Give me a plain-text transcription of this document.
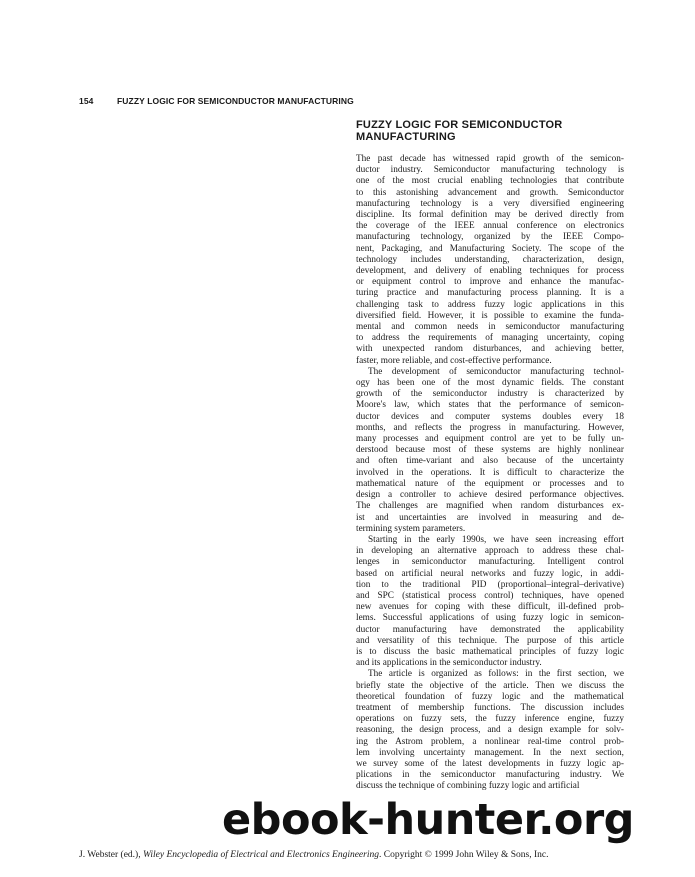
154	FUZZY LOGIC FOR SEMICONDUCTOR MANUFACTURING
FUZZY LOGIC FOR SEMICONDUCTOR
MANUFACTURING

The past decade has witnessed rapid growth of the semicon-
ductor industry. Semiconductor manufacturing technology is
one of the most crucial enabling technologies that contribute
to this astonishing advancement and growth. Semiconductor
manufacturing technology is a very diversified engineering
discipline. Its formal definition may be derived directly from
the coverage of the IEEE annual conference on electronics
manufacturing technology, organized by the IEEE Compo-
nent, Packaging, and Manufacturing Society. The scope of the
technology includes understanding, characterization, design,
development, and delivery of enabling techniques for process
or equipment control to improve and enhance the manufac-
turing practice and manufacturing process planning. It is a
challenging task to address fuzzy logic applications in this
diversified field. However, it is possible to examine the funda-
mental and common needs in semiconductor manufacturing
to address the requirements of managing uncertainty, coping
with unexpected random disturbances, and achieving better,
faster, more reliable, and cost-effective performance.

The development of semiconductor manufacturing technol-
ogy has been one of the most dynamic fields. The constant
growth of the semiconductor industry is characterized by
Moore's law, which states that the performance of semicon-
ductor devices and computer systems doubles every 18
months, and reflects the progress in manufacturing. However,
many processes and equipment control are yet to be fully un-
derstood because most of these systems are highly nonlinear
and often time-variant and also because of the uncertainty
involved in the operations. It is difficult to characterize the
mathematical nature of the equipment or processes and to
design a controller to achieve desired performance objectives.
The challenges are magnified when random disturbances ex-
ist and uncertainties are involved in measuring and de-
termining system parameters.

Starting in the early 1990s, we have seen increasing effort
in developing an alternative approach to address these chal-
lenges in semiconductor manufacturing. Intelligent control
based on artificial neural networks and fuzzy logic, in addi-
tion to the traditional PID (proportional–integral–derivative)
and SPC (statistical process control) techniques, have opened
new avenues for coping with these difficult, ill-defined prob-
lems. Successful applications of using fuzzy logic in semicon-
ductor manufacturing have demonstrated the applicability
and versatility of this technique. The purpose of this article
is to discuss the basic mathematical principles of fuzzy logic
and its applications in the semiconductor industry.

The article is organized as follows: in the first section, we
briefly state the objective of the article. Then we discuss the
theoretical foundation of fuzzy logic and the mathematical
treatment of membership functions. The discussion includes
operations on fuzzy sets, the fuzzy inference engine, fuzzy
reasoning, the design process, and a design example for solv-
ing the Astrom problem, a nonlinear real-time control prob-
lem involving uncertainty management. In the next section,
we survey some of the latest developments in fuzzy logic ap-
plications in the semiconductor manufacturing industry. We
discuss the technique of combining fuzzy logic and artificial

J. Webster (ed.), Wiley Encyclopedia of Electrical and Electronics Engineering. Copyright © 1999 John Wiley & Sons, Inc.
ebook-hunter.org
